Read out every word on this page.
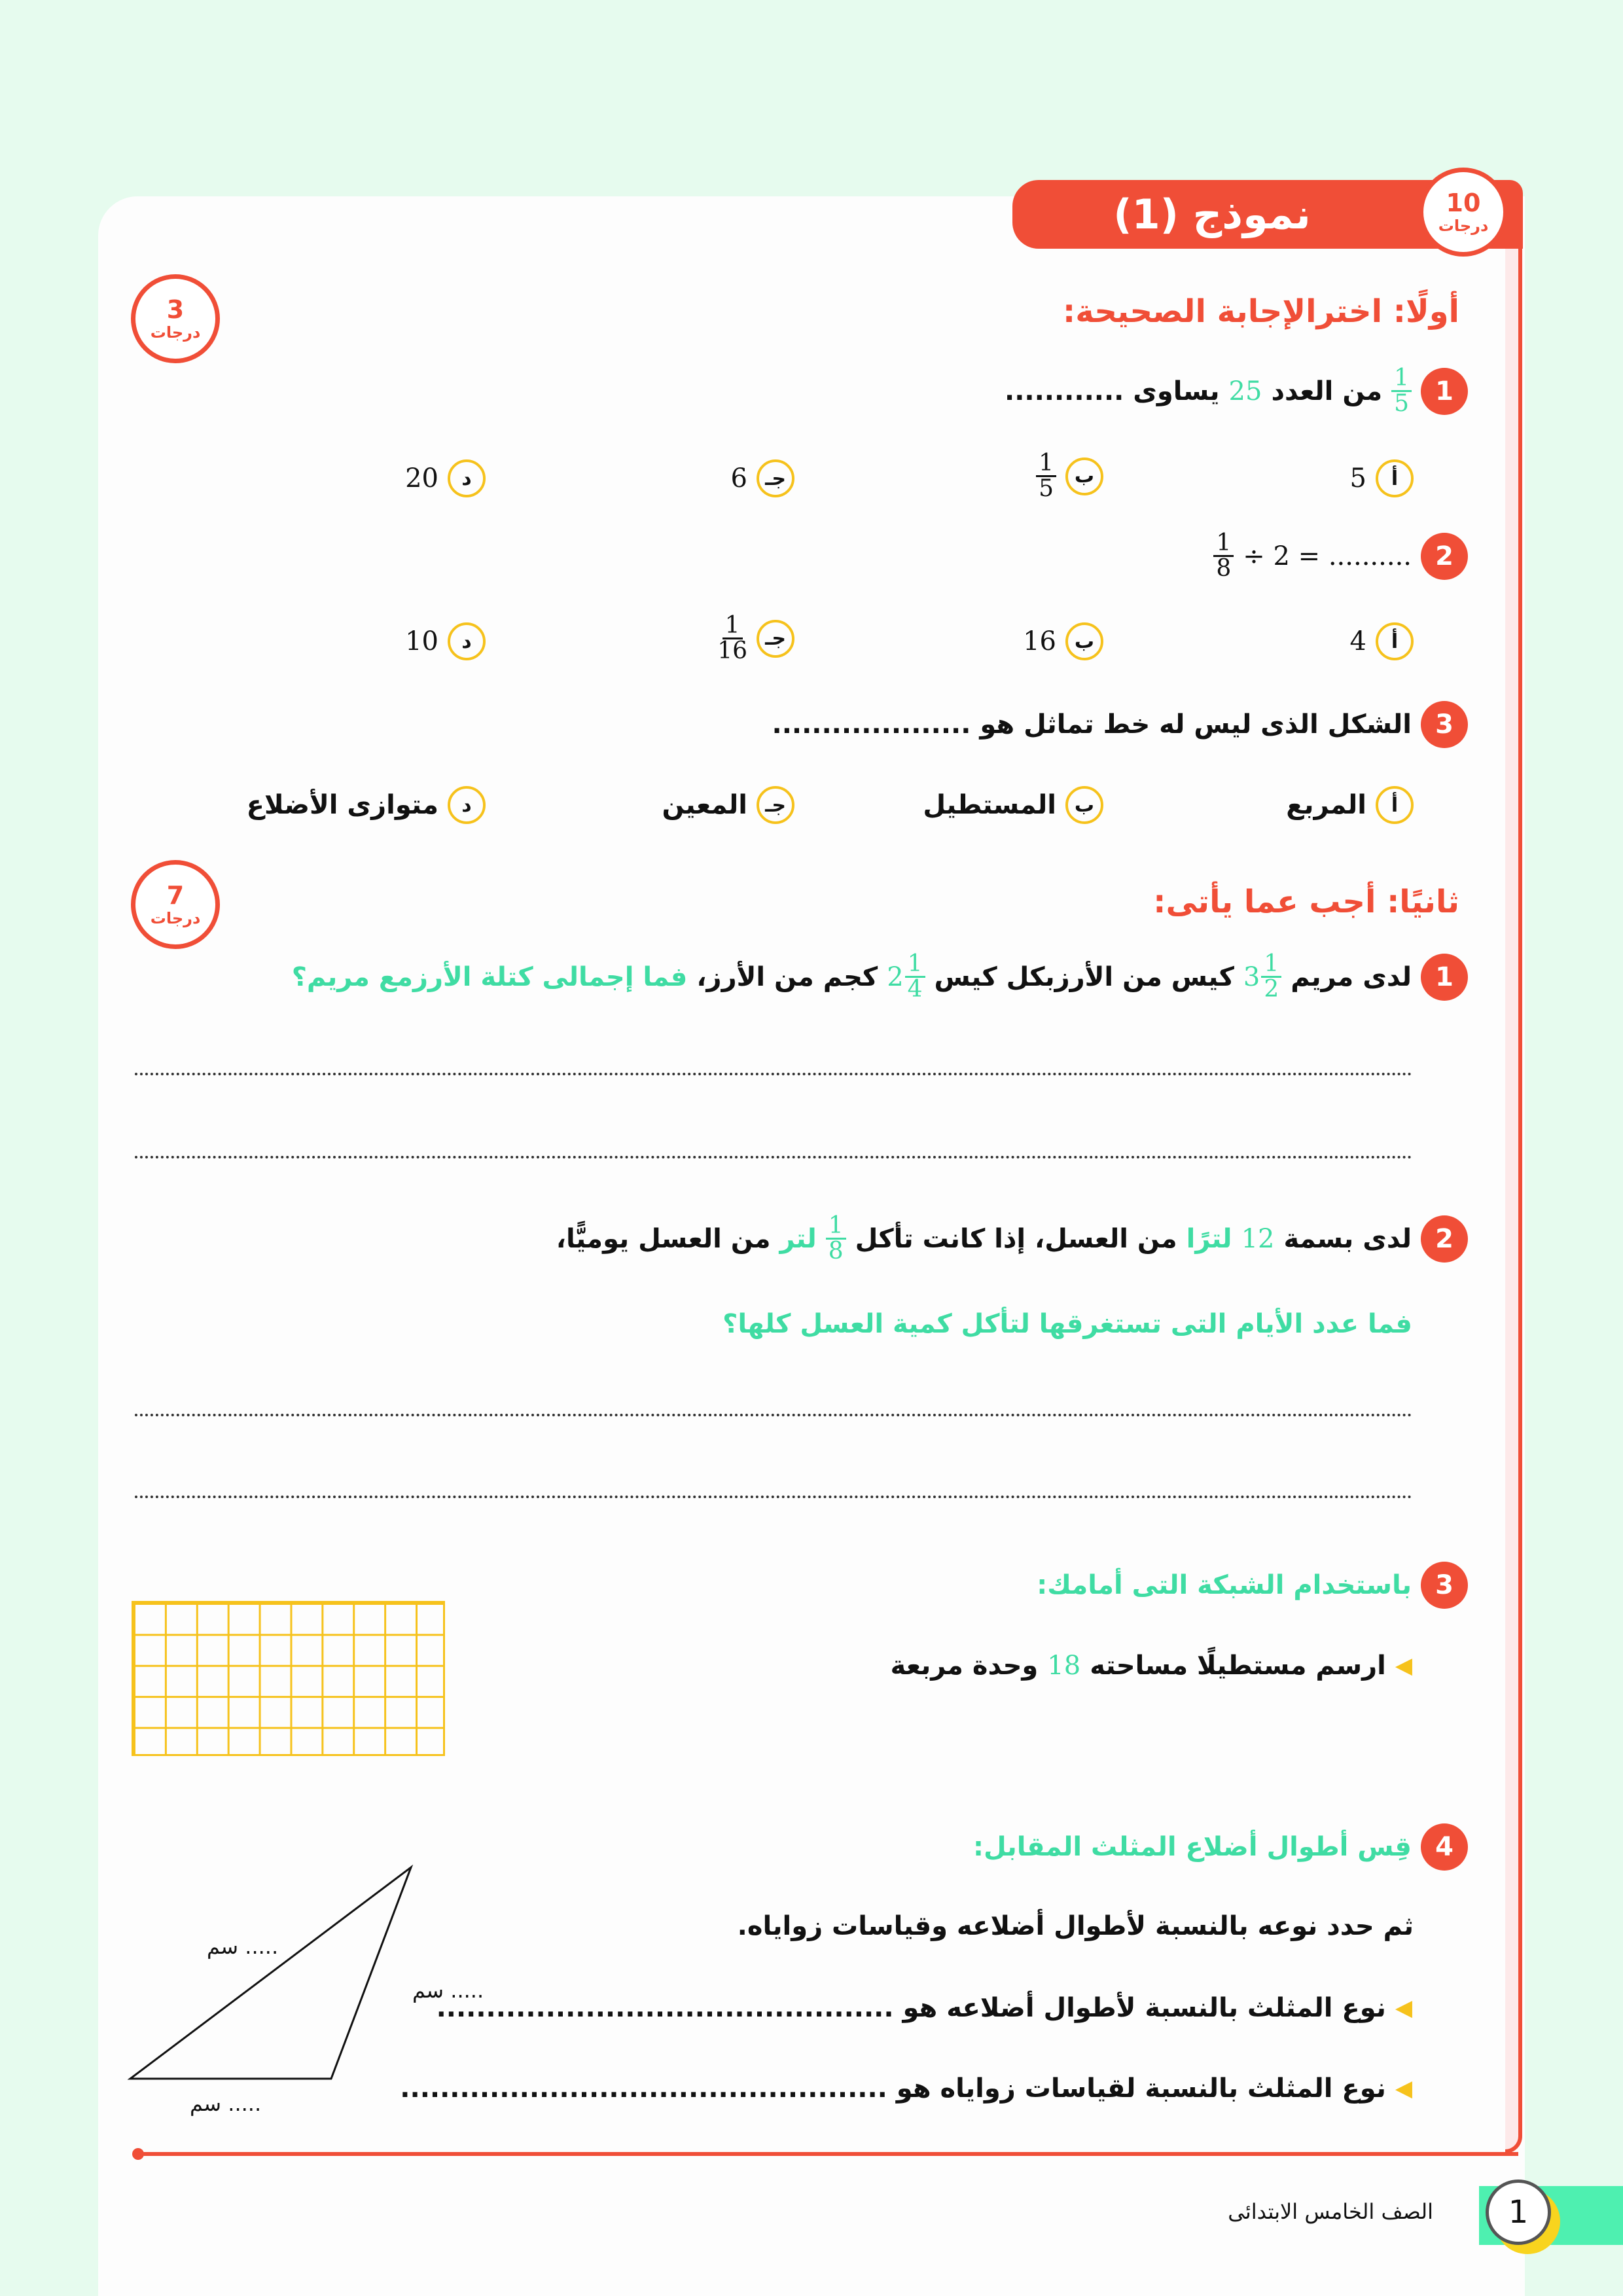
نموذج (1)	10
درجات
أولًا: اخترالإجابة الصحيحة:
3
درجات
1
$\frac{1}{5}$
من العدد
25
يساوى ............
أ
5
ب
$\frac{1}{5}$
جـ
6
د
20
2
$\frac{1}{8} \div 2$ = ..........
أ
4
ب
16
جـ
$\frac{1}{16}$
د
10
3
الشكل الذى ليس له خط تماثل هو ....................
أ
المربع
ب
المستطيل
جـ
المعين
د
متوازى الأضلاع
ثانيًا: أجب عما يأتى:
7
درجات
1
لدى مريم
$3 \frac{1}{2}$
كيس من الأرزبكل كيس
$2 \frac{1}{4}$
كجم من الأرز،
فما إجمالى كتلة الأرزمع مريم؟
2
لدى بسمة
12
لترًا
من العسل، إذا كانت تأكل
$\frac{1}{8}$
لتر
من العسل يوميًّا،
فما عدد الأيام التى تستغرقها لتأكل كمية العسل كلها؟
3
باستخدام الشبكة التى أمامك:
◀
ارسم مستطيلًا مساحته
18
وحدة مربعة
4
قِس أطوال أضلاع المثلث المقابل:
ثم حدد نوعه بالنسبة لأطوال أضلاعه وقياسات زواياه.
◀
نوع المثلث بالنسبة لأطوال أضلاعه هو ..............................................
◀
نوع المثلث بالنسبة لقياسات زواياه هو .................................................
..... سم
..... سم
..... سم
1
الصف الخامس الابتدائى
